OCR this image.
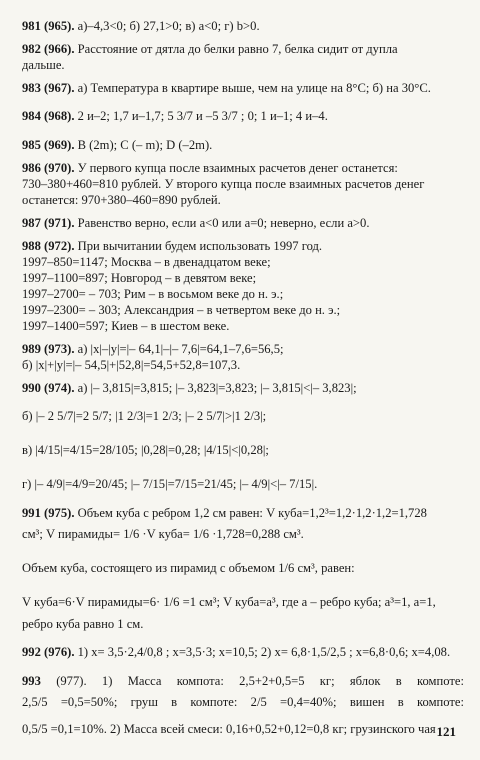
981 (965). а)–4,3<0; б) 27,1>0; в) a<0; г) b>0.
982 (966). Расстояние от дятла до белки равно 7, белка сидит от дупла
дальше.
983 (967). а) Температура в квартире выше, чем на улице на 8°С; б) на 30°С.
984 (968). 2 и–2; 1,7 и–1,7; 5 3/7 и –5 3/7 ; 0; 1 и–1; 4 и–4.
985 (969). B (2m); C (– m); D (–2m).
986 (970). У первого купца после взаимных расчетов денег останется:
730–380+460=810 рублей. У второго купца после взаимных расчетов денег
останется: 970+380–460=890 рублей.
987 (971). Равенство верно, если a<0 или a=0; неверно, если a>0.
988 (972). При вычитании будем использовать 1997 год.
1997–850=1147; Москва – в двенадцатом веке;
1997–1100=897; Новгород – в девятом веке;
1997–2700= – 703; Рим – в восьмом веке до н. э.;
1997–2300= – 303; Александрия – в четвертом веке до н. э.;
1997–1400=597; Киев – в шестом веке.
989 (973). а) |x|–|y|=|– 64,1|–|– 7,6|=64,1–7,6=56,5;
б) |x|+|y|=|– 54,5|+|52,8|=54,5+52,8=107,3.
990 (974). а) |– 3,815|=3,815; |– 3,823|=3,823; |– 3,815|<|– 3,823|;
б) |– 2 5/7|=2 5/7; |1 2/3|=1 2/3; |– 2 5/7|>|1 2/3|;
в) |4/15|=4/15=28/105; |0,28|=0,28; |4/15|<|0,28|;
г) |– 4/9|=4/9=20/45; |– 7/15|=7/15=21/45; |– 4/9|<|– 7/15|.
991 (975). Объем куба с ребром 1,2 см равен: V куба=1,2³=1,2·1,2·1,2=1,728
см³; V пирамиды= 1/6 ·V куба= 1/6 ·1,728=0,288 см³.
Объем куба, состоящего из пирамид с объемом 1/6 см³, равен:
V куба=6·V пирамиды=6· 1/6 =1 см³; V куба=a³, где a – ребро куба; a³=1, a=1,
ребро куба равно 1 см.
992 (976). 1) x= 3,5·2,4/0,8 ; x=3,5·3; x=10,5; 2) x= 6,8·1,5/2,5 ; x=6,8·0,6; x=4,08.
993 (977). 1) Масса компота: 2,5+2+0,5=5 кг; яблок в компоте:
2,5/5 =0,5=50%; груш в компоте: 2/5 =0,4=40%; вишен в компоте:
0,5/5 =0,1=10%. 2) Масса всей смеси: 0,16+0,52+0,12=0,8 кг; грузинского чая 121
